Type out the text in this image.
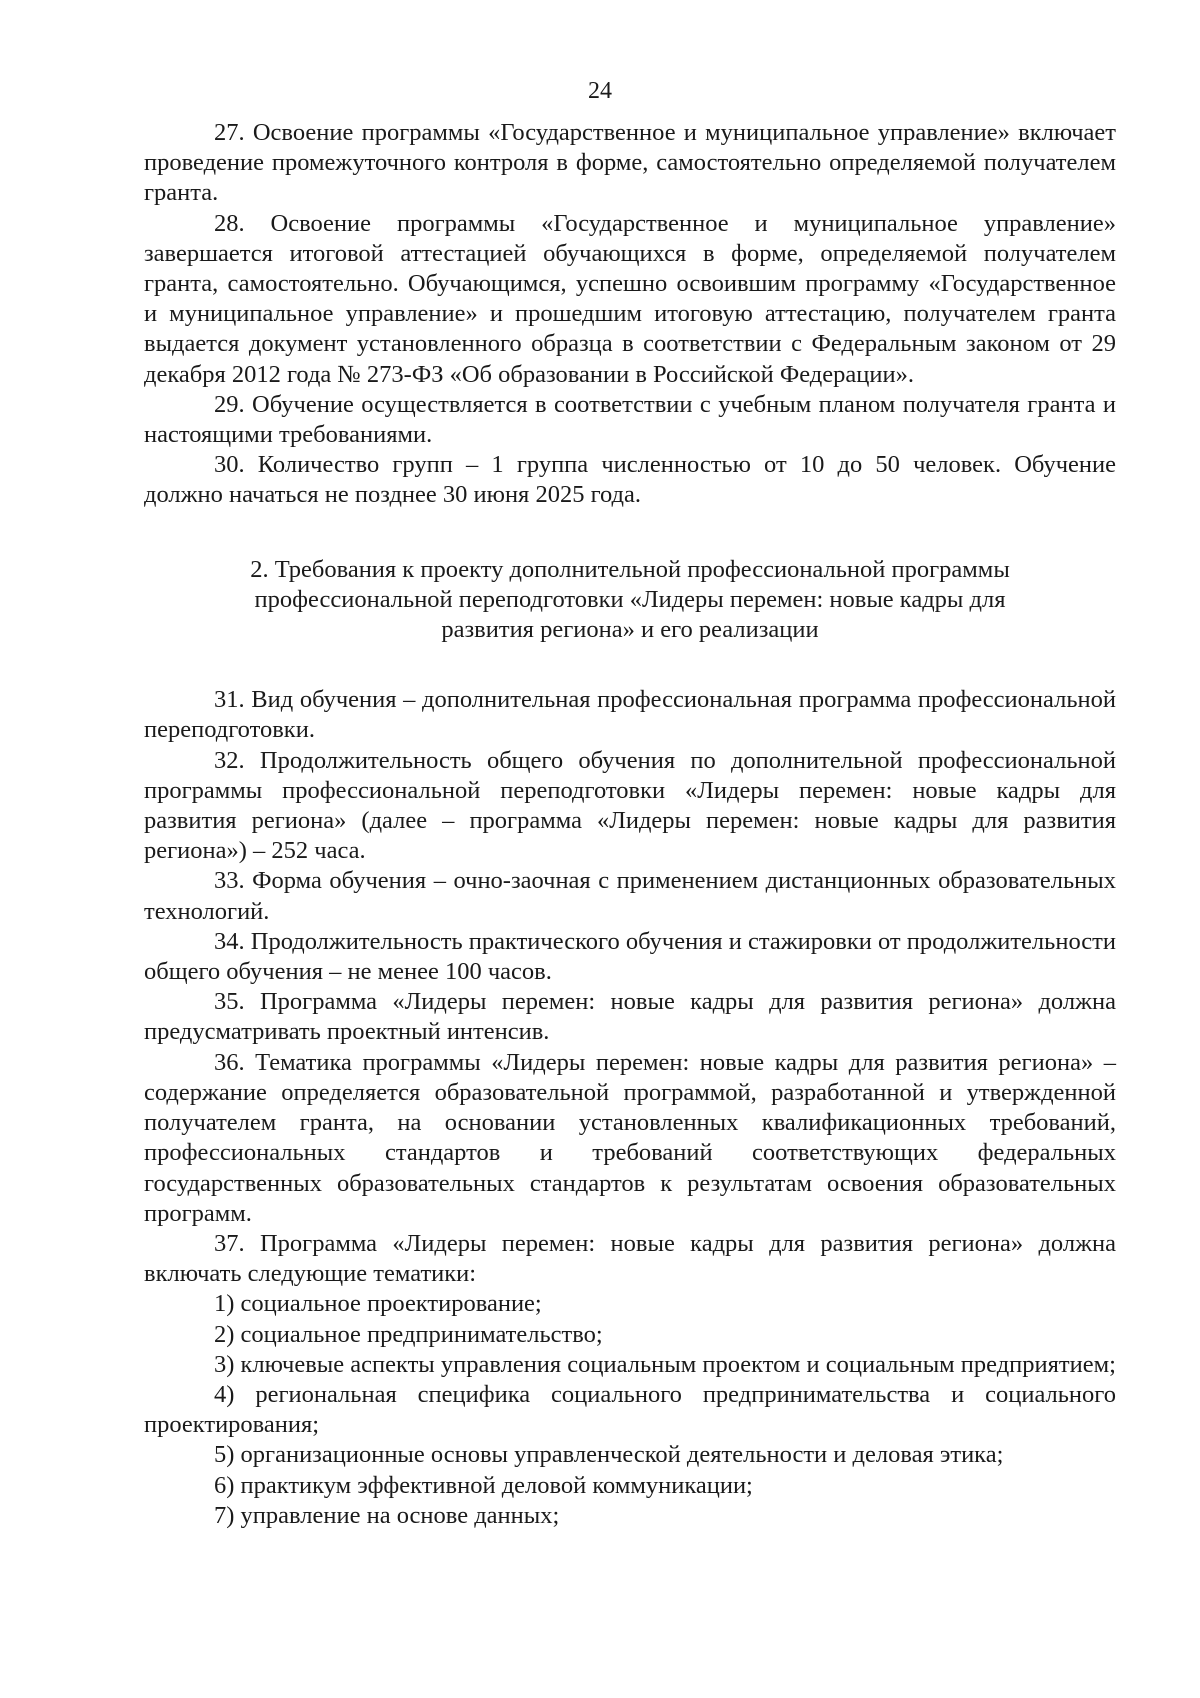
24

27. Освоение программы «Государственное и муниципальное управление» включает проведение промежуточного контроля в форме, самостоятельно определяемой получателем гранта.

28. Освоение программы «Государственное и муниципальное управление» завершается итоговой аттестацией обучающихся в форме, определяемой получателем гранта, самостоятельно. Обучающимся, успешно освоившим программу «Государственное и муниципальное управление» и прошедшим итоговую аттестацию, получателем гранта выдается документ установленного образца в соответствии с Федеральным законом от 29 декабря 2012 года № 273-ФЗ «Об образовании в Российской Федерации».

29. Обучение осуществляется в соответствии с учебным планом получателя гранта и настоящими требованиями.

30. Количество групп – 1 группа численностью от 10 до 50 человек. Обучение должно начаться не позднее 30 июня 2025 года.

2. Требования к проекту дополнительной профессиональной программы профессиональной переподготовки «Лидеры перемен: новые кадры для развития региона» и его реализации

31. Вид обучения – дополнительная профессиональная программа профессиональной переподготовки.

32. Продолжительность общего обучения по дополнительной профессиональной программы профессиональной переподготовки «Лидеры перемен: новые кадры для развития региона» (далее – программа «Лидеры перемен: новые кадры для развития региона») – 252 часа.

33. Форма обучения – очно-заочная с применением дистанционных образовательных технологий.

34. Продолжительность практического обучения и стажировки от продолжительности общего обучения – не менее 100 часов.

35. Программа «Лидеры перемен: новые кадры для развития региона» должна предусматривать проектный интенсив.

36. Тематика программы «Лидеры перемен: новые кадры для развития региона» – содержание определяется образовательной программой, разработанной и утвержденной получателем гранта, на основании установленных квалификационных требований, профессиональных стандартов и требований соответствующих федеральных государственных образовательных стандартов к результатам освоения образовательных программ.

37. Программа «Лидеры перемен: новые кадры для развития региона» должна включать следующие тематики:

1) социальное проектирование;

2) социальное предпринимательство;

3) ключевые аспекты управления социальным проектом и социальным предприятием;

4) региональная специфика социального предпринимательства и социального проектирования;

5) организационные основы управленческой деятельности и деловая этика;

6) практикум эффективной деловой коммуникации;

7) управление на основе данных;
